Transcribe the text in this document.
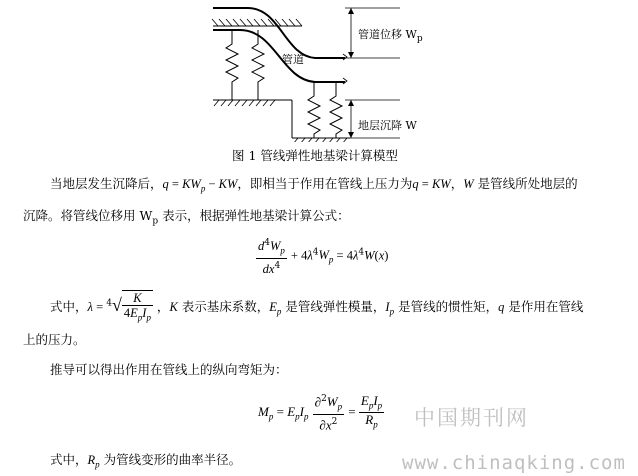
管道
管道位移 $W_p$
地层沉降 W
图 1 管线弹性地基梁计算模型
当地层发生沉降后，$q = KW_p$ − KW，即相当于作用在管线上压力为q = KW，W 是管线所处地层的
沉降。将管线位移用 $W_p$ 表示，根据弹性地基梁计算公式：
$\frac{d^4W_p}{dx^4} + 4\lambda^4W_p = 4\lambda^4W(x)$
式中，$\lambda = ^4√ \frac{K}{4E_pI_p}$ ，K 表示基床系数，$E_p$ 是管线弹性模量，$I_p$ 是管线的惯性矩，q 是作用在管线
上的压力。
推导可以得出作用在管线上的纵向弯矩为：
$M_p = E_pI_p \frac{\partial^2W_p}{\partial x^2} = \frac{E_pI_p}{R_p}$
式中，$R_p$ 为管线变形的曲率半径。
中国期刊网
www.chinaqking.com
